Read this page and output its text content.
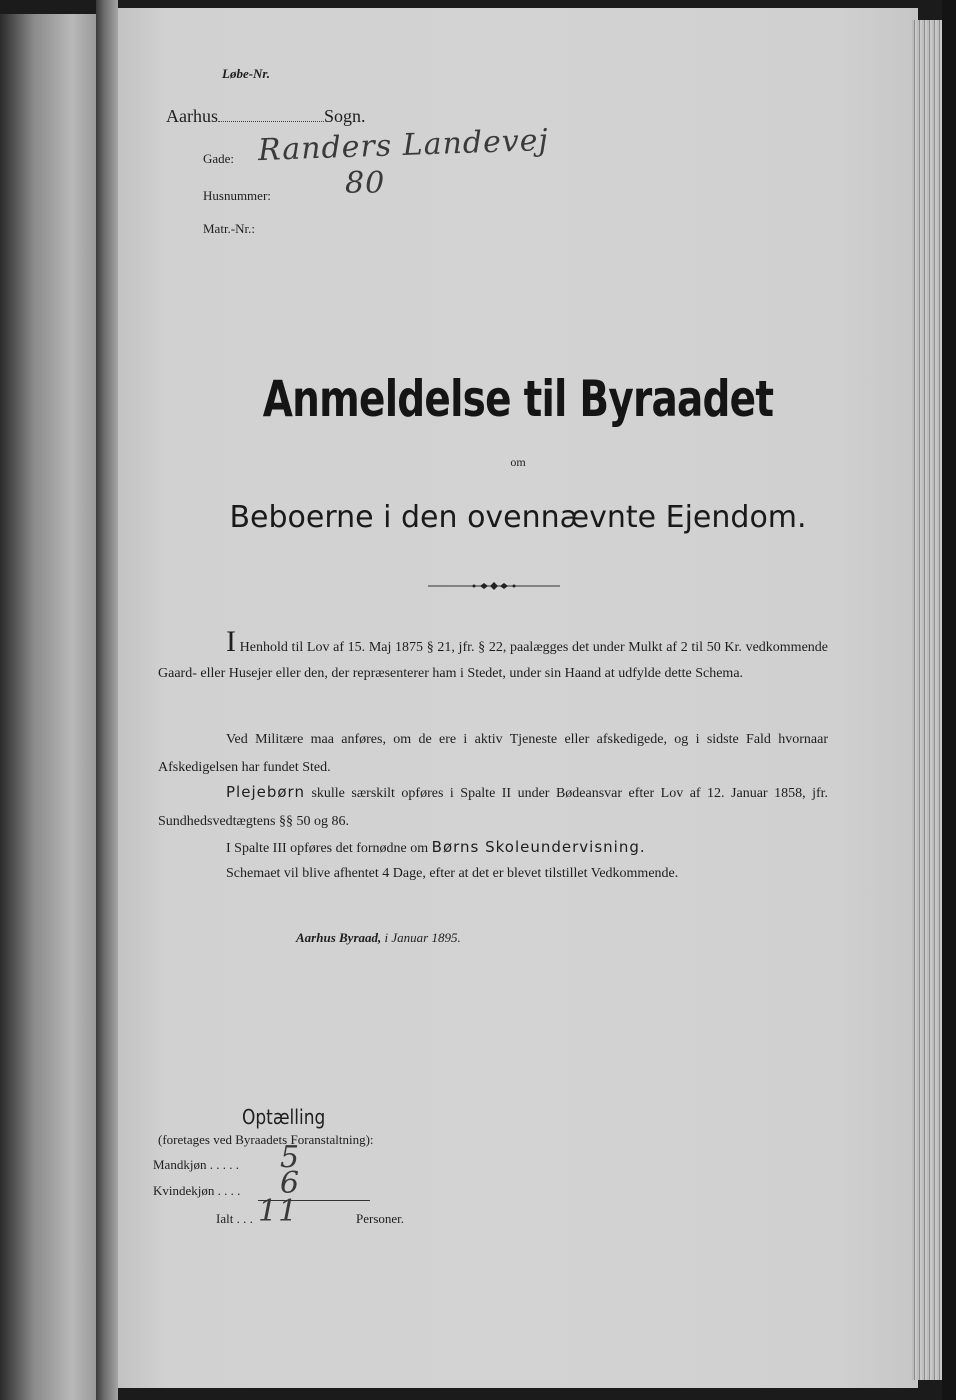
Løbe-Nr.
Aarhus	Sogn.
Gade: Randers Landevej
Husnummer: 80
Matr.-Nr.:
Anmeldelse til Byraadet
om
Beboerne i den ovennævnte Ejendom.

I Henhold til Lov af 15. Maj 1875 § 21, jfr. § 22, paalægges det under Mulkt af 2 til 50 Kr. vedkommende Gaard- eller Husejer eller den, der repræsenterer ham i Stedet, under sin Haand at udfylde dette Schema.

Ved Militære maa anføres, om de ere i aktiv Tjeneste eller afskedigede, og i sidste Fald hvornaar Afskedigelsen har fundet Sted.

Plejebørn skulle særskilt opføres i Spalte II under Bødeansvar efter Lov af 12. Januar 1858, jfr. Sundhedsvedtægtens §§ 50 og 86.

I Spalte III opføres det fornødne om Børns Skoleundervisning.

Schemaet vil blive afhentet 4 Dage, efter at det er blevet tilstillet Vedkommende.

Aarhus Byraad, i Januar 1895.
Optælling
(foretages ved Byraadets Foranstaltning):
Mandkjøn . . . . . 5
Kvindekjøn . . . . 6
Ialt . . . 11	Personer.
